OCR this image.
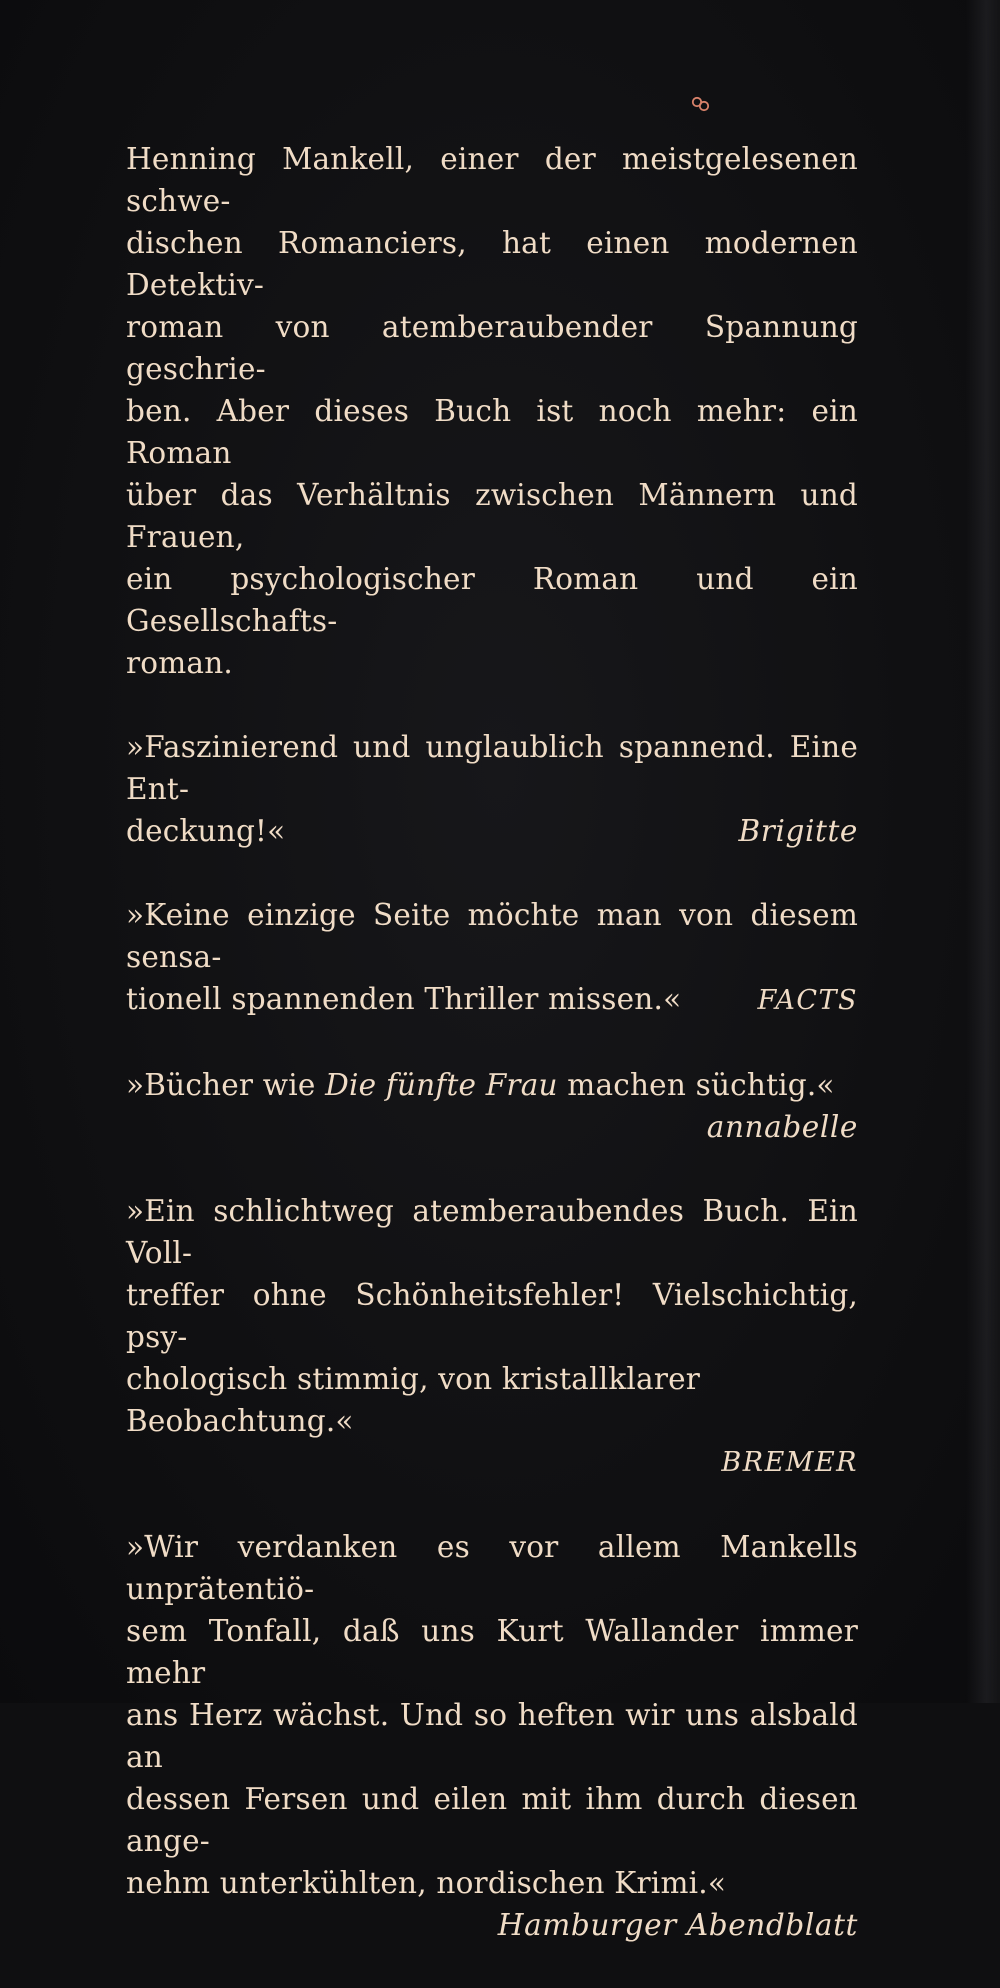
Henning Mankell, einer der meistgelesenen schwe-
dischen Romanciers, hat einen modernen Detektiv-
roman von atemberaubender Spannung geschrie-
ben. Aber dieses Buch ist noch mehr: ein Roman
über das Verhältnis zwischen Männern und Frauen,
ein psychologischer Roman und ein Gesellschafts-
roman.
»Faszinierend und unglaublich spannend. Eine Ent-
deckung!«	Brigitte
»Keine einzige Seite möchte man von diesem sensa-
tionell spannenden Thriller missen.«	FACTS
»Bücher wie Die fünfte Frau machen süchtig.«
annabelle
»Ein schlichtweg atemberaubendes Buch. Ein Voll-
treffer ohne Schönheitsfehler! Vielschichtig, psy-
chologisch stimmig, von kristallklarer Beobachtung.«
BREMER
»Wir verdanken es vor allem Mankells unprätentiö-
sem Tonfall, daß uns Kurt Wallander immer mehr
ans Herz wächst. Und so heften wir uns alsbald an
dessen Fersen und eilen mit ihm durch diesen ange-
nehm unterkühlten, nordischen Krimi.«
Hamburger Abendblatt
